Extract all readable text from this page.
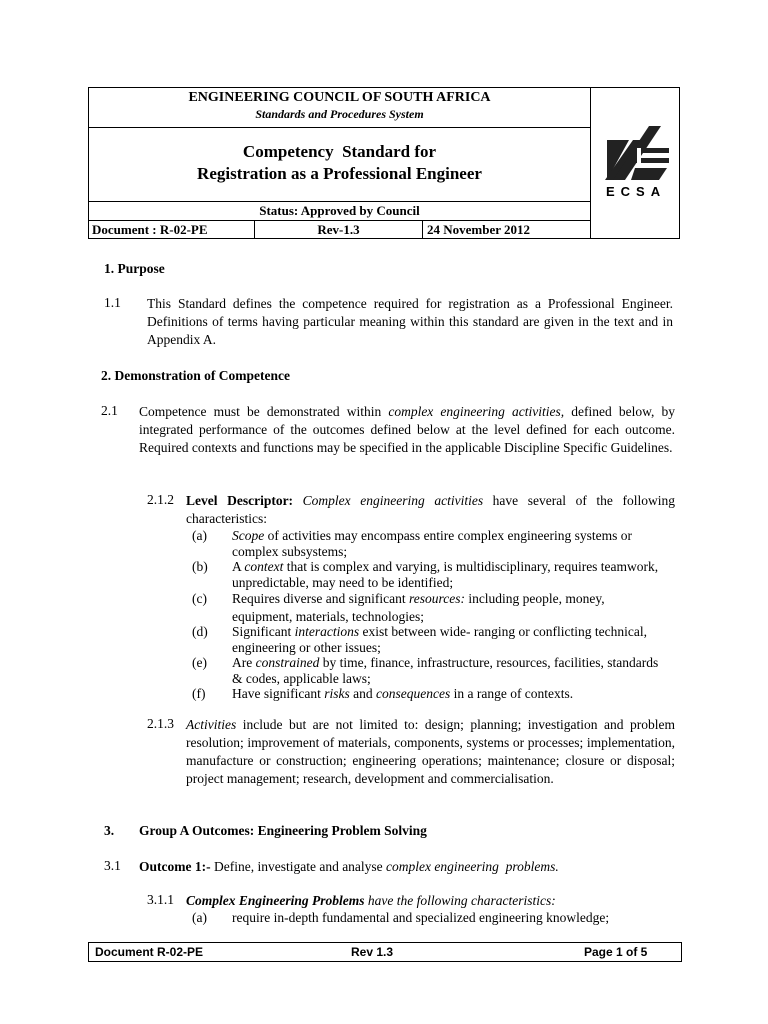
ENGINEERING COUNCIL OF SOUTH AFRICA
Standards and Procedures System
Competency  Standard for
Registration as a Professional Engineer
Status: Approved by Council
Document : R-02-PE	Rev-1.3	24 November 2012
ECSA
1. Purpose
1.1 This Standard defines the competence required for registration as a Professional Engineer. Definitions of terms having particular meaning within this standard are given in the text and in Appendix A.
2. Demonstration of Competence
2.1 Competence must be demonstrated within complex engineering activities, defined below, by integrated performance of the outcomes defined below at the level defined for each outcome. Required contexts and functions may be specified in the applicable Discipline Specific Guidelines.
2.1.2 Level Descriptor: Complex engineering activities have several of the following characteristics:
(a) Scope of activities may encompass entire complex engineering systems or complex subsystems;
(b) A context that is complex and varying, is multidisciplinary, requires teamwork, unpredictable, may need to be identified;
(c) Requires diverse and significant resources: including people, money, equipment, materials, technologies;
(d) Significant interactions exist between wide- ranging or conflicting technical, engineering or other issues;
(e) Are constrained by time, finance, infrastructure, resources, facilities, standards & codes, applicable laws;
(f) Have significant risks and consequences in a range of contexts.
2.1.3 Activities include but are not limited to: design; planning; investigation and problem resolution; improvement of materials, components, systems or processes; implementation, manufacture or construction; engineering operations; maintenance; closure or disposal; project management; research, development and commercialisation.
3. Group A Outcomes: Engineering Problem Solving
3.1 Outcome 1:- Define, investigate and analyse complex engineering  problems.
3.1.1 Complex Engineering Problems have the following characteristics:
(a) require in-depth fundamental and specialized engineering knowledge;
Document R-02-PE	Rev 1.3	Page 1 of 5
